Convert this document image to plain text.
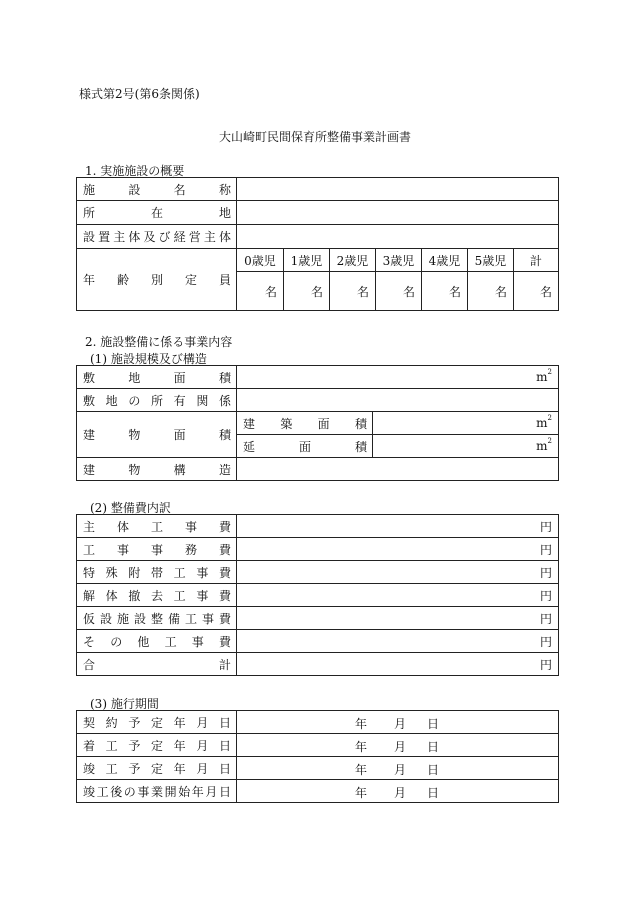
様式第2号(第6条関係)
大山崎町民間保育所整備事業計画書
1. 実施施設の概要
施設名称							
所在地							
設置主体及び経営主体							
年齢別定員	0歳児	1歳児	2歳児	3歳児	4歳児	5歳児	計
	名	名	名	名	名	名	名
2. 施設整備に係る事業内容
(1) 施設規模及び構造
敷地面積	$m^2$
敷地の所有関係		
建物面積	建築面積	$m^2$
	延面積	$m^2$
建物構造		
(2) 整備費内訳
主体工事費	円
工事事務費	円
特殊附帯工事費	円
解体撤去工事費	円
仮設施設整備工事費	円
その他工事費	円
合計	円
(3) 施行期間
契約予定年月日	年 月 日

着工予定年月日	年 月 日

竣工予定年月日	年 月 日

竣工後の事業開始年月日	年 月 日
